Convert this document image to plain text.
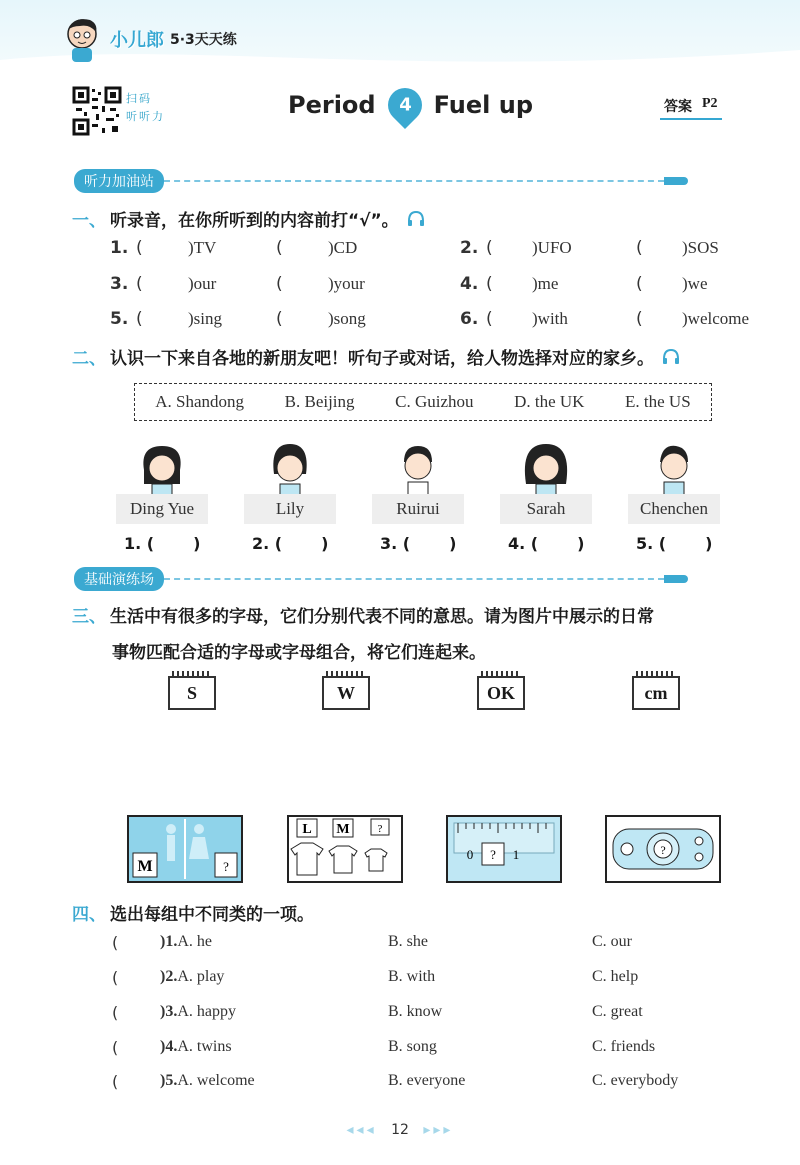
小儿郎 5·3天天练
扫码
听听力	Period 4 Fuel up	答案 P2
听力加油站
一、 听录音，在你所听到的内容前打“√”。
1. (	)TV	(	)CD	2. (	)UFO	(	)SOS
3. (	)our	(	)your	4. (	)me	(	)we
5. (	)sing	(	)song	6. (	)with	(	)welcome
二、 认识一下来自各地的新朋友吧！听句子或对话，给人物选择对应的家乡。
A. Shandong B. Beijing C. Guizhou D. the UK E. the US
Ding Yue	Lily	Ruirui	Sarah	Chenchen
1. (       )	2. (       )	3. (       )	4. (       )	5. (       )
基础演练场
三、 生活中有很多的字母，它们分别代表不同的意思。请为图片中展示的日常
事物匹配合适的字母或字母组合，将它们连起来。
S	W	OK	cm
M	?
L M	?
0 ? 1	?
四、 选出每组中不同类的一项。
(	)1. A. he	B. she	C. our
(	)2. A. play	B. with	C. help
(	)3. A. happy	B. know	C. great
(	)4. A. twins	B. song	C. friends
(	)5. A. welcome	B. everyone	C. everybody
◂◂◂ 12 ▸▸▸
